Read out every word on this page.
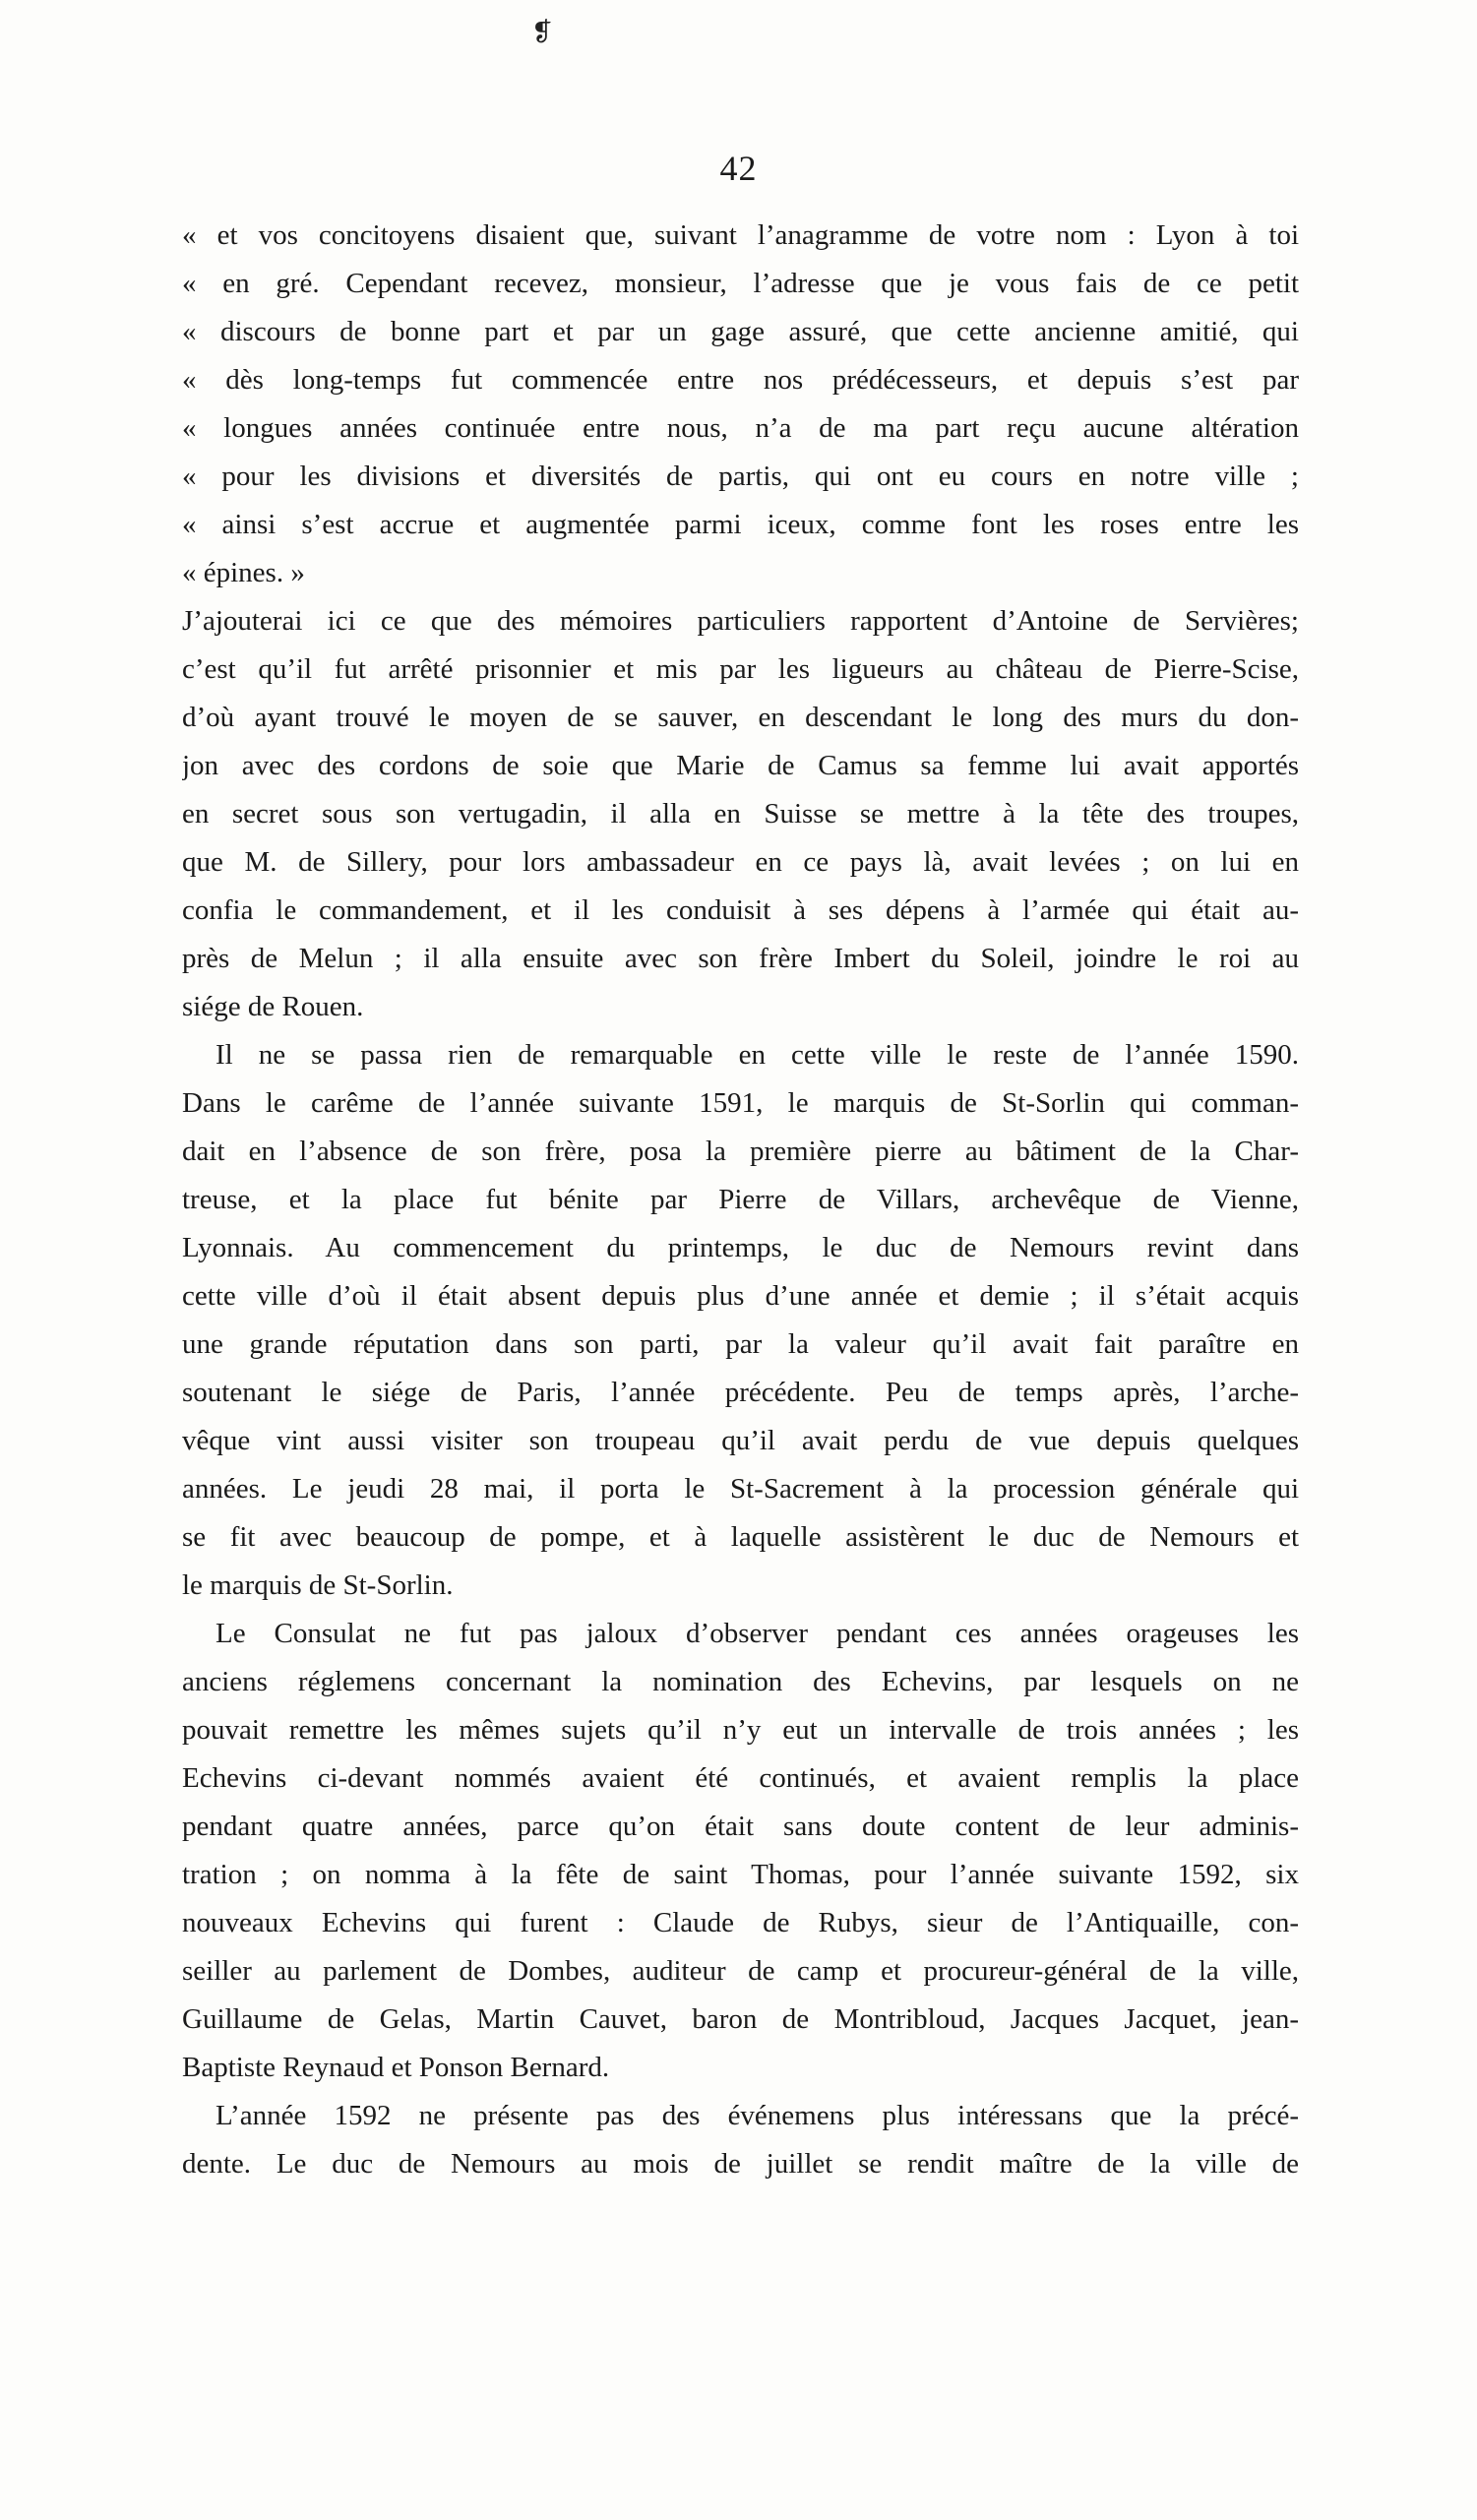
❡
42
« et vos concitoyens disaient que, suivant l’anagramme de votre nom : Lyon à toi
« en gré. Cependant recevez, monsieur, l’adresse que je vous fais de ce petit
« discours de bonne part et par un gage assuré, que cette ancienne amitié, qui
« dès long-temps fut commencée entre nos prédécesseurs, et depuis s’est par
« longues années continuée entre nous, n’a de ma part reçu aucune altération
« pour les divisions et diversités de partis, qui ont eu cours en notre ville ;
« ainsi s’est accrue et augmentée parmi iceux, comme font les roses entre les
« épines. »
J’ajouterai ici ce que des mémoires particuliers rapportent d’Antoine de Servières;
c’est qu’il fut arrêté prisonnier et mis par les ligueurs au château de Pierre-Scise,
d’où ayant trouvé le moyen de se sauver, en descendant le long des murs du don-
jon avec des cordons de soie que Marie de Camus sa femme lui avait apportés
en secret sous son vertugadin, il alla en Suisse se mettre à la tête des troupes,
que M. de Sillery, pour lors ambassadeur en ce pays là, avait levées ; on lui en
confia le commandement, et il les conduisit à ses dépens à l’armée qui était au-
près de Melun ; il alla ensuite avec son frère Imbert du Soleil, joindre le roi au
siége de Rouen.
Il ne se passa rien de remarquable en cette ville le reste de l’année 1590.
Dans le carême de l’année suivante 1591, le marquis de St-Sorlin qui comman-
dait en l’absence de son frère, posa la première pierre au bâtiment de la Char-
treuse, et la place fut bénite par Pierre de Villars, archevêque de Vienne,
Lyonnais. Au commencement du printemps, le duc de Nemours revint dans
cette ville d’où il était absent depuis plus d’une année et demie ; il s’était acquis
une grande réputation dans son parti, par la valeur qu’il avait fait paraître en
soutenant le siége de Paris, l’année précédente. Peu de temps après, l’arche-
vêque vint aussi visiter son troupeau qu’il avait perdu de vue depuis quelques
années. Le jeudi 28 mai, il porta le St-Sacrement à la procession générale qui
se fit avec beaucoup de pompe, et à laquelle assistèrent le duc de Nemours et
le marquis de St-Sorlin.
Le Consulat ne fut pas jaloux d’observer pendant ces années orageuses les
anciens réglemens concernant la nomination des Echevins, par lesquels on ne
pouvait remettre les mêmes sujets qu’il n’y eut un intervalle de trois années ; les
Echevins ci-devant nommés avaient été continués, et avaient remplis la place
pendant quatre années, parce qu’on était sans doute content de leur adminis-
tration ; on nomma à la fête de saint Thomas, pour l’année suivante 1592, six
nouveaux Echevins qui furent : Claude de Rubys, sieur de l’Antiquaille, con-
seiller au parlement de Dombes, auditeur de camp et procureur-général de la ville,
Guillaume de Gelas, Martin Cauvet, baron de Montribloud, Jacques Jacquet, jean-
Baptiste Reynaud et Ponson Bernard.
L’année 1592 ne présente pas des événemens plus intéressans que la précé-
dente. Le duc de Nemours au mois de juillet se rendit maître de la ville de
